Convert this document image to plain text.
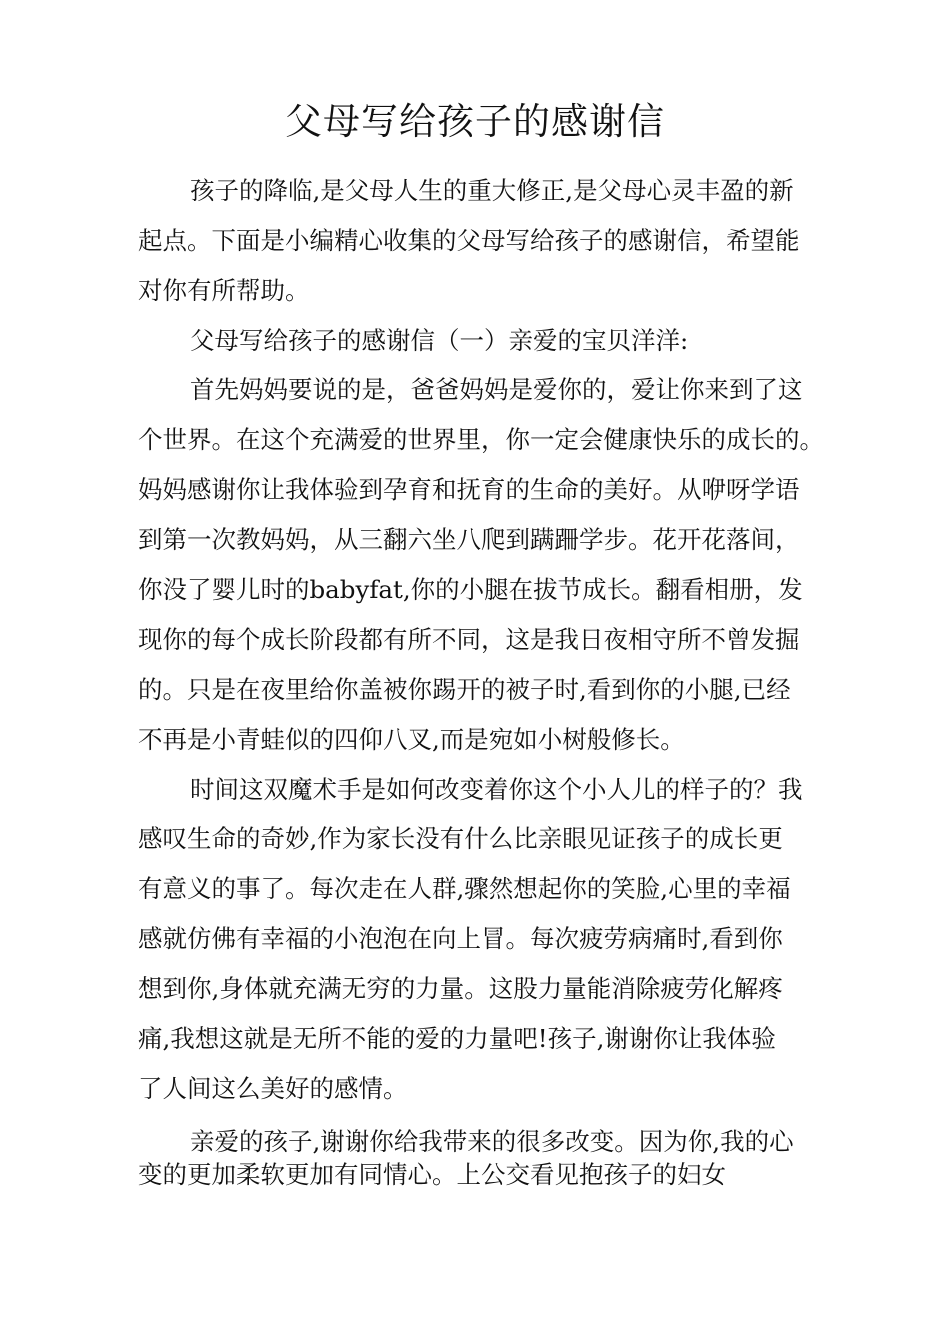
父母写给孩子的感谢信

孩子的降临,是父母人生的重大修正,是父母心灵丰盈的新

起点。下面是小编精心收集的父母写给孩子的感谢信，希望能

对你有所帮助。

父母写给孩子的感谢信（一）亲爱的宝贝洋洋:

首先妈妈要说的是，爸爸妈妈是爱你的，爱让你来到了这

个世界。在这个充满爱的世界里，你一定会健康快乐的成长的。

妈妈感谢你让我体验到孕育和抚育的生命的美好。从咿呀学语

到第一次教妈妈，从三翻六坐八爬到蹒跚学步。花开花落间，

你没了婴儿时的babyfat,你的小腿在拔节成长。翻看相册，发

现你的每个成长阶段都有所不同，这是我日夜相守所不曾发掘

的。只是在夜里给你盖被你踢开的被子时,看到你的小腿,已经

不再是小青蛙似的四仰八叉,而是宛如小树般修长。

时间这双魔术手是如何改变着你这个小人儿的样子的？我

感叹生命的奇妙,作为家长没有什么比亲眼见证孩子的成长更

有意义的事了。每次走在人群,骤然想起你的笑脸,心里的幸福

感就仿佛有幸福的小泡泡在向上冒。每次疲劳病痛时,看到你

想到你,身体就充满无穷的力量。这股力量能消除疲劳化解疼

痛,我想这就是无所不能的爱的力量吧!孩子,谢谢你让我体验

了人间这么美好的感情。

亲爱的孩子,谢谢你给我带来的很多改变。因为你,我的心

变的更加柔软更加有同情心。上公交看见抱孩子的妇女
